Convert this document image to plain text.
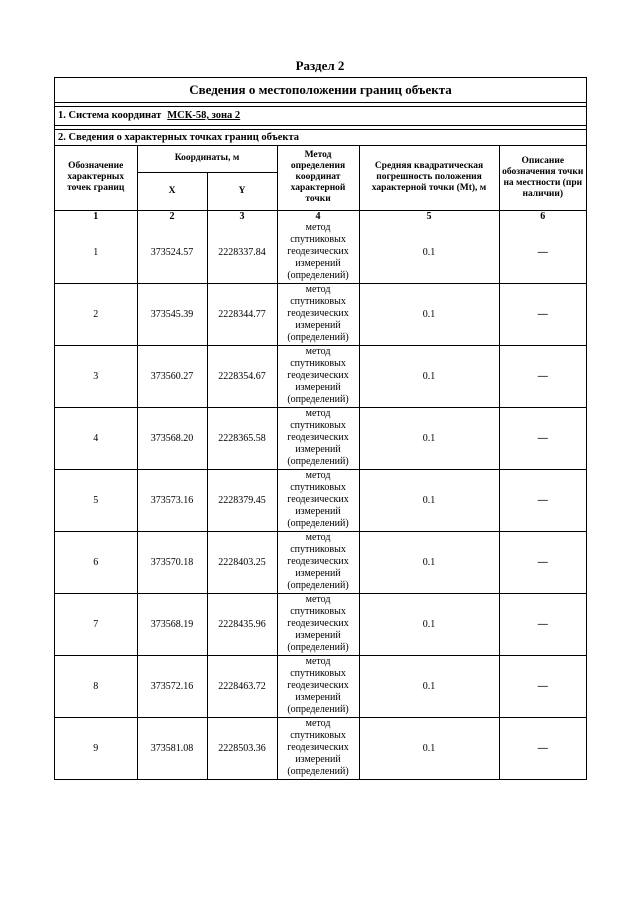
Раздел 2
Сведения о местоположении границ объекта
1. Система координат МСК-58, зона 2
2. Сведения о характерных точках границ объекта
Обозначение характерных точек границ	Координаты, м		Метод определения координат характерной точки	Средняя квадратическая погрешность положения характерной точки (Mt), м	Описание обозначения точки на местности (при наличии)
	X	Y			
1	2	3	4	5	6
1	373524.57	2228337.84	метод спутниковых геодезических измерений (определений)	0.1	—
2	373545.39	2228344.77	метод спутниковых геодезических измерений (определений)	0.1	—
3	373560.27	2228354.67	метод спутниковых геодезических измерений (определений)	0.1	—
4	373568.20	2228365.58	метод спутниковых геодезических измерений (определений)	0.1	—
5	373573.16	2228379.45	метод спутниковых геодезических измерений (определений)	0.1	—
6	373570.18	2228403.25	метод спутниковых геодезических измерений (определений)	0.1	—
7	373568.19	2228435.96	метод спутниковых геодезических измерений (определений)	0.1	—
8	373572.16	2228463.72	метод спутниковых геодезических измерений (определений)	0.1	—
9	373581.08	2228503.36	метод спутниковых геодезических измерений (определений)	0.1	—
